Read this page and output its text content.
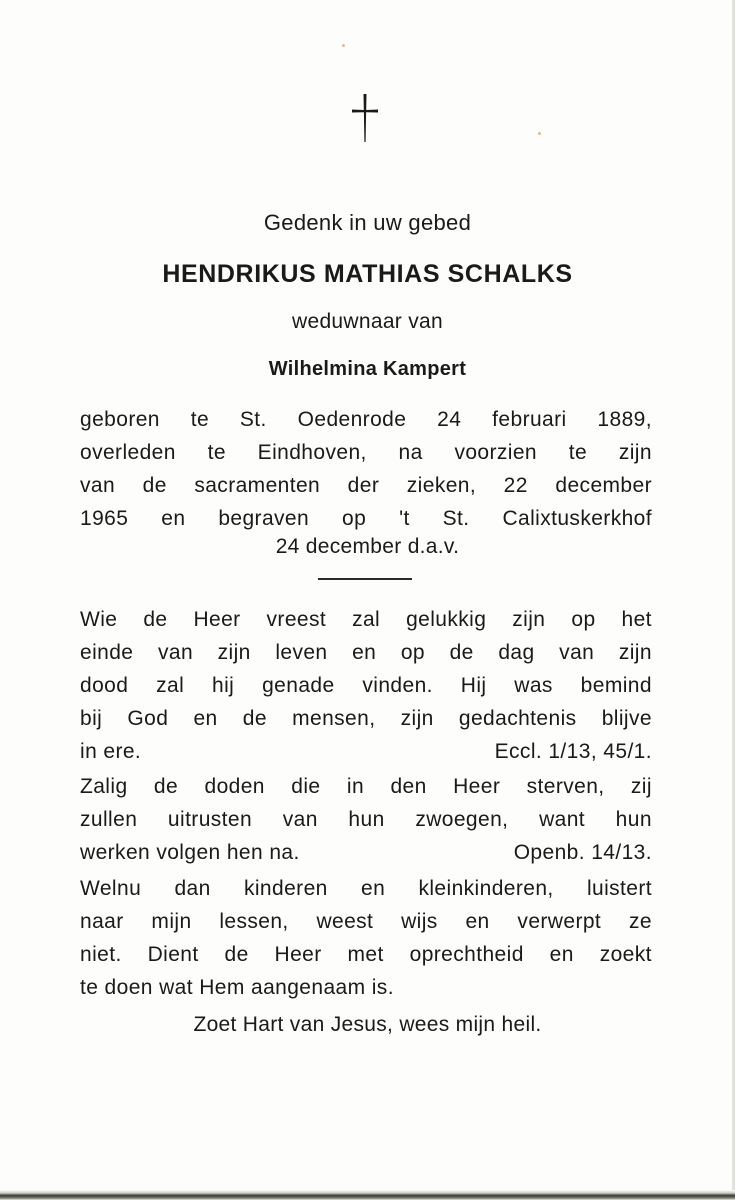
Gedenk in uw gebed
HENDRIKUS MATHIAS SCHALKS
weduwnaar van
Wilhelmina Kampert
geboren te St. Oedenrode 24 februari 1889,
overleden te Eindhoven, na voorzien te zijn
van de sacramenten der zieken, 22 december
1965 en begraven op 't St. Calixtuskerkhof
24 december d.a.v.
Wie de Heer vreest zal gelukkig zijn op het
einde van zijn leven en op de dag van zijn
dood zal hij genade vinden. Hij was bemind
bij God en de mensen, zijn gedachtenis blijve
in ere.	Eccl. 1/13, 45/1.
Zalig de doden die in den Heer sterven, zij
zullen uitrusten van hun zwoegen, want hun
werken volgen hen na.	Openb. 14/13.
Welnu dan kinderen en kleinkinderen, luistert
naar mijn lessen, weest wijs en verwerpt ze
niet. Dient de Heer met oprechtheid en zoekt
te doen wat Hem aangenaam is.
Zoet Hart van Jesus, wees mijn heil.
